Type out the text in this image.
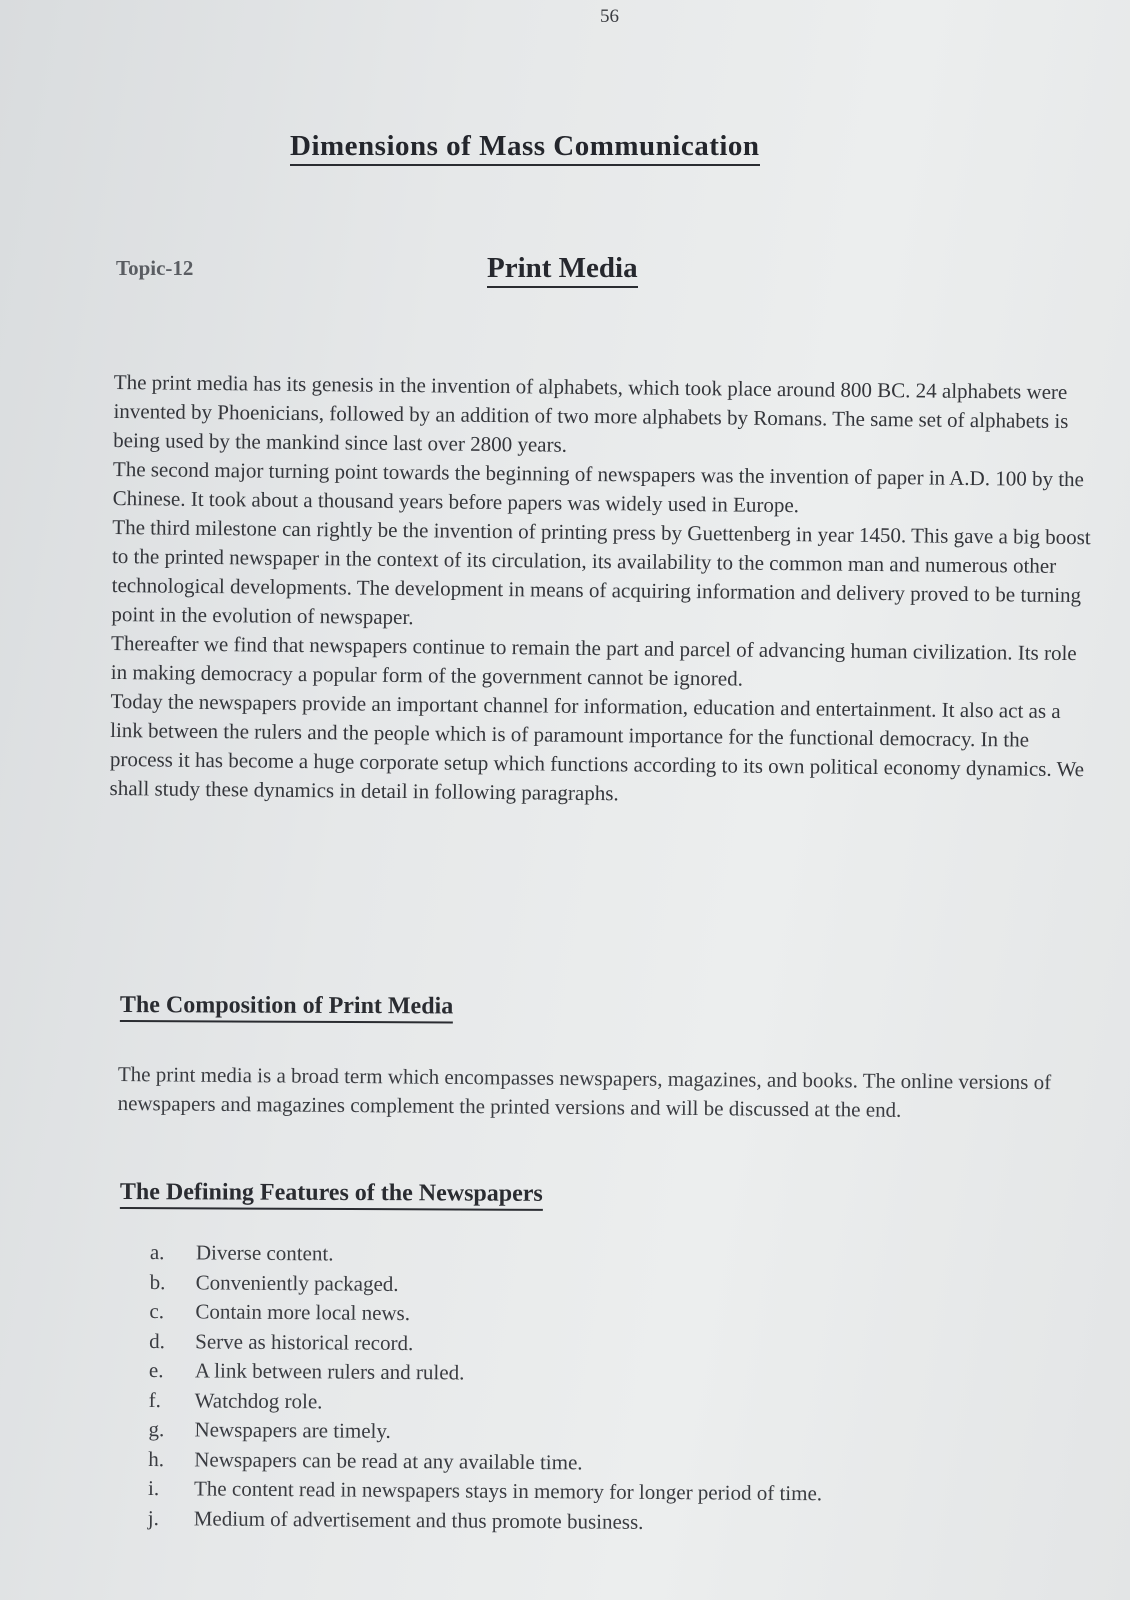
56
Dimensions of Mass Communication
Topic-12	Print Media

The print media has its genesis in the invention of alphabets, which took place around 800 BC. 24 alphabets were invented by Phoenicians, followed by an addition of two more alphabets by Romans. The same set of alphabets is being used by the mankind since last over 2800 years.

The second major turning point towards the beginning of newspapers was the invention of paper in A.D. 100 by the Chinese. It took about a thousand years before papers was widely used in Europe.

The third milestone can rightly be the invention of printing press by Guettenberg in year 1450. This gave a big boost to the printed newspaper in the context of its circulation, its availability to the common man and numerous other technological developments. The development in means of acquiring information and delivery proved to be turning point in the evolution of newspaper.

Thereafter we find that newspapers continue to remain the part and parcel of advancing human civilization. Its role in making democracy a popular form of the government cannot be ignored.

Today the newspapers provide an important channel for information, education and entertainment. It also act as a link between the rulers and the people which is of paramount importance for the functional democracy. In the process it has become a huge corporate setup which functions according to its own political economy dynamics. We shall study these dynamics in detail in following paragraphs.

The Composition of Print Media
The print media is a broad term which encompasses newspapers, magazines, and books. The online versions of newspapers and magazines complement the printed versions and will be discussed at the end.
The Defining Features of the Newspapers
a.	Diverse content.
b.	Conveniently packaged.
c.	Contain more local news.
d.	Serve as historical record.
e.	A link between rulers and ruled.
f.	Watchdog role.
g.	Newspapers are timely.
h.	Newspapers can be read at any available time.
i.	The content read in newspapers stays in memory for longer period of time.
j.	Medium of advertisement and thus promote business.
